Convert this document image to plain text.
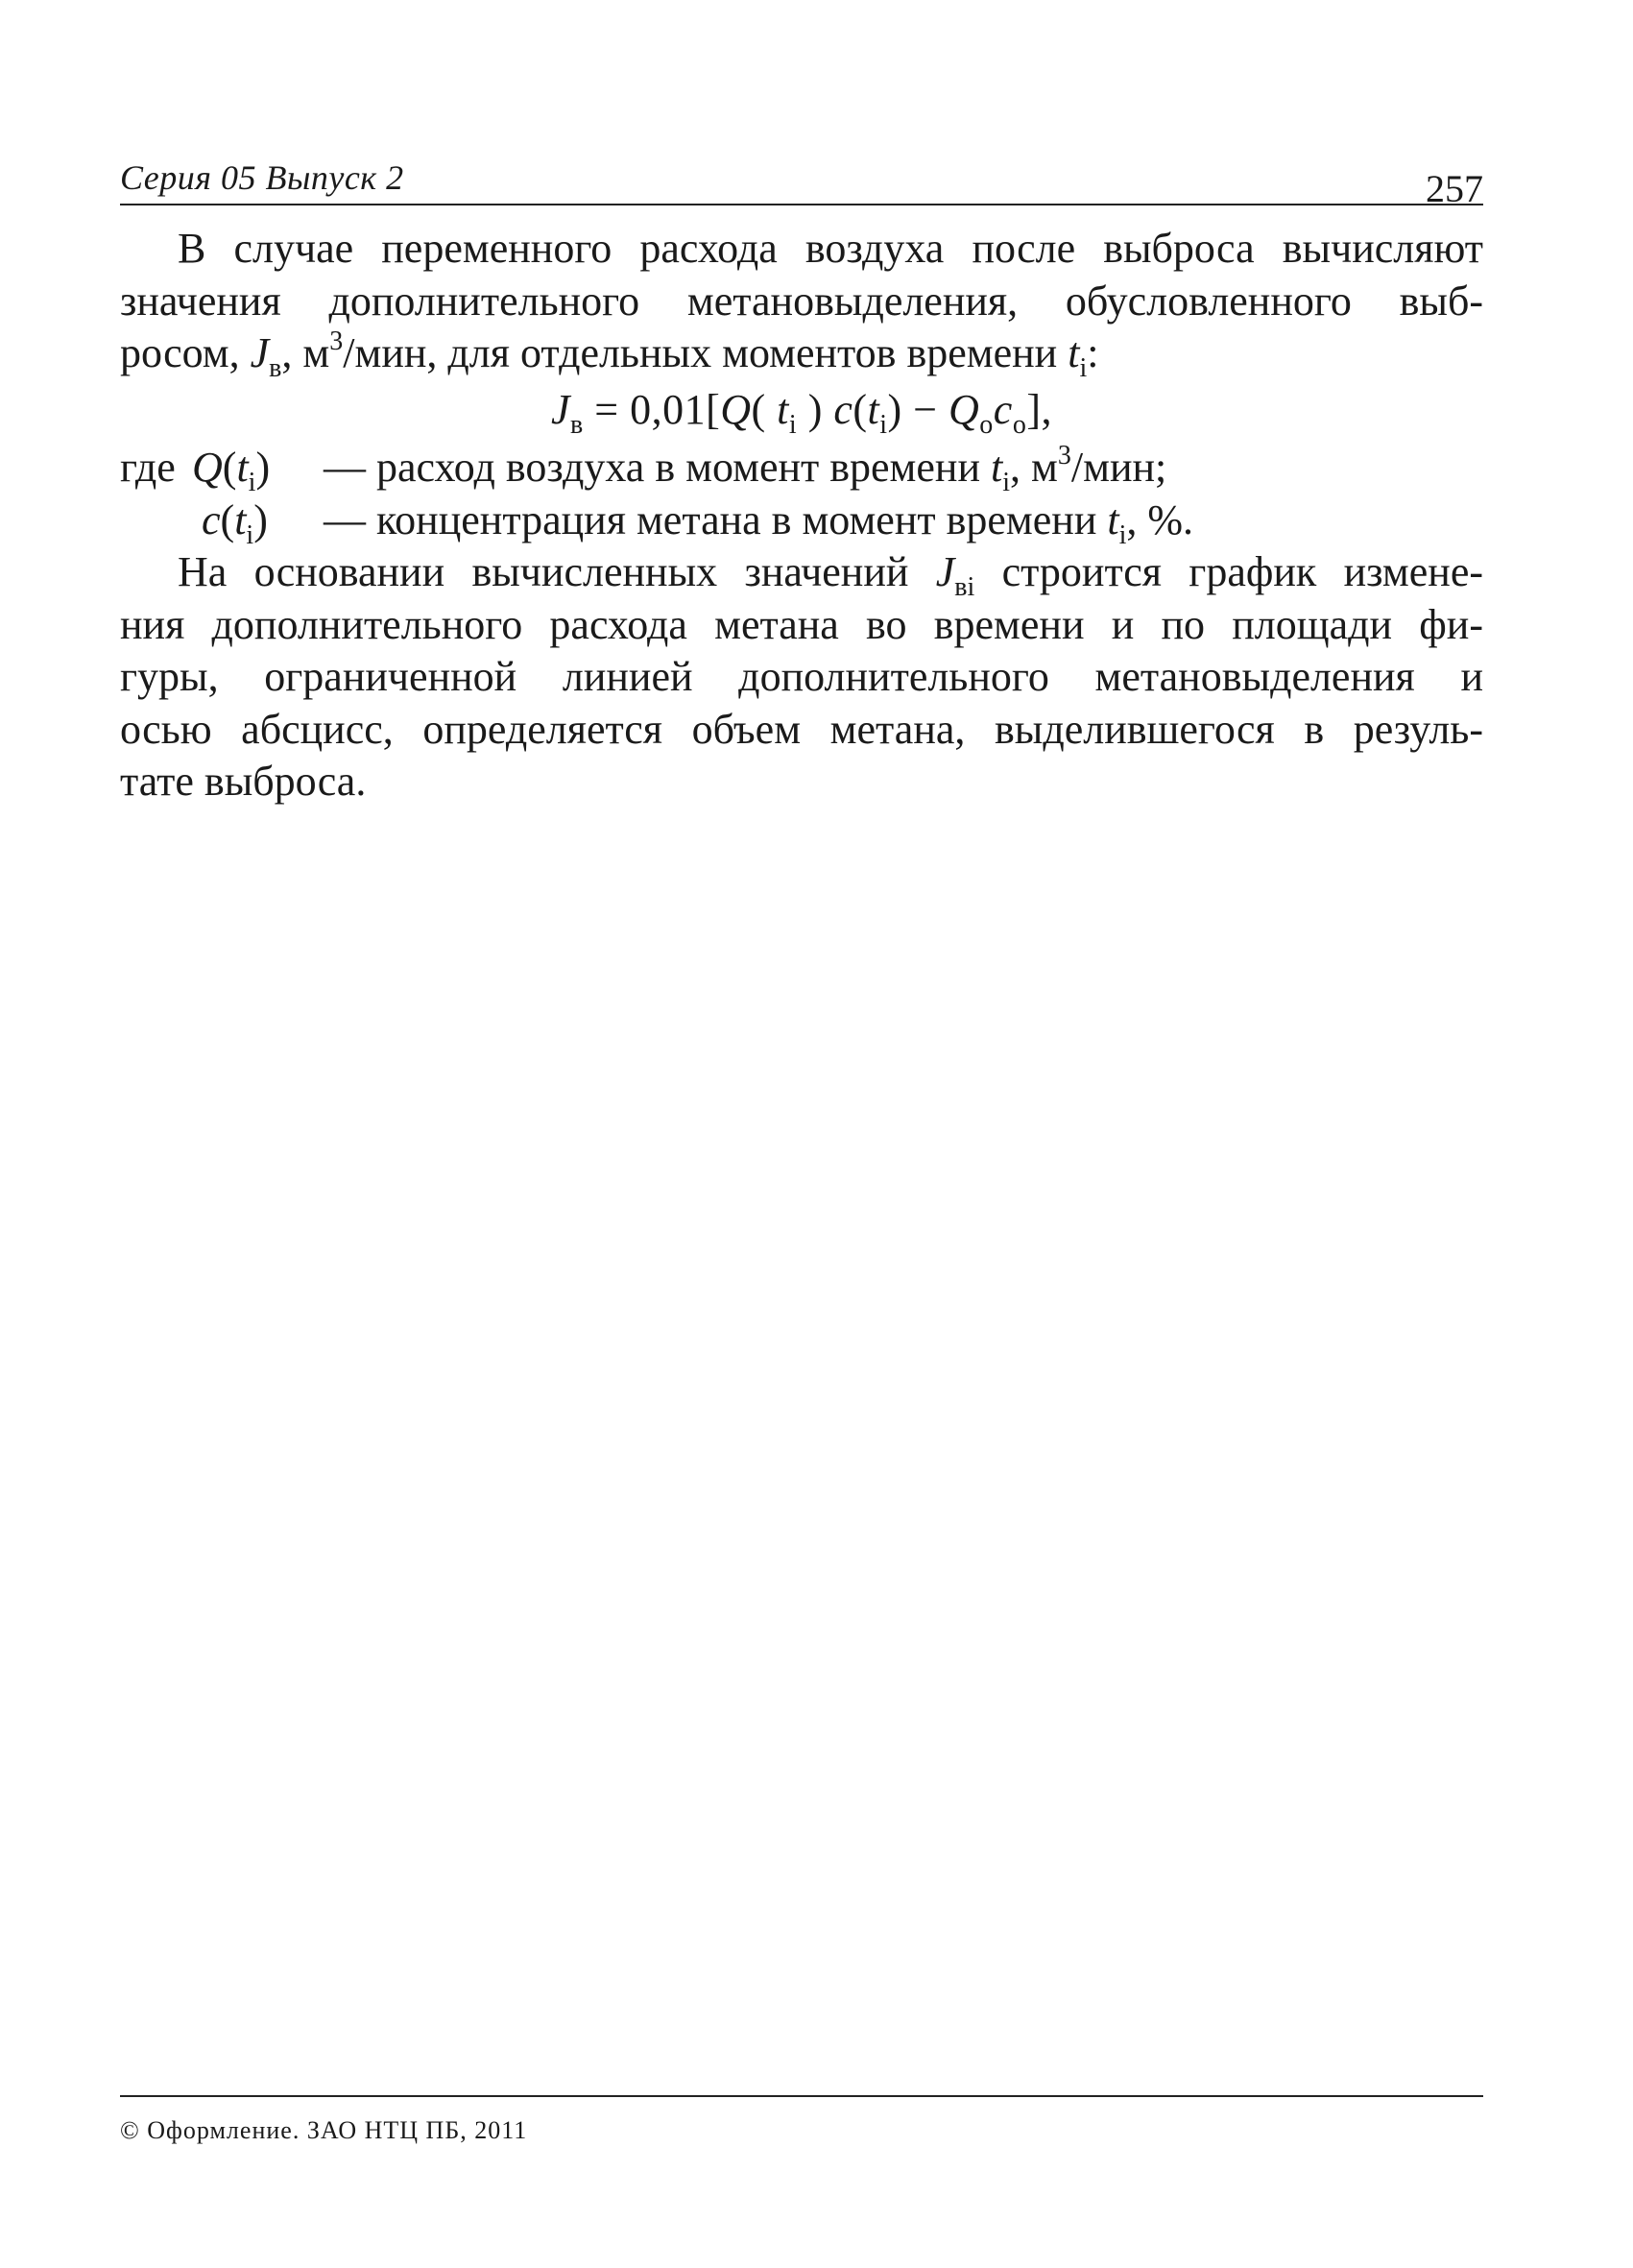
Серия 05 Выпуск 2	257

В случае переменного расхода воздуха после выброса вычисляют
значения дополнительного метановыделения, обусловленного выб-
росом, $J_в$, $м^3$/мин, для отдельных моментов времени $t_i$:

$J_в = 0,01[Q$( $t_i$ ) $c(t_i) - Q_оc_о$],
где $Q(t_i)$ — расход воздуха в момент времени $t_i$, $м^3$/мин;
$c(t_i)$ — концентрация метана в момент времени $t_i$, %.

На основании вычисленных значений $J_{вi}$ строится график измене-
ния дополнительного расхода метана во времени и по площади фи-
гуры, ограниченной линией дополнительного метановыделения и
осью абсцисс, определяется объем метана, выделившегося в резуль-
тате выброса.

© Оформление. ЗАО НТЦ ПБ, 2011
